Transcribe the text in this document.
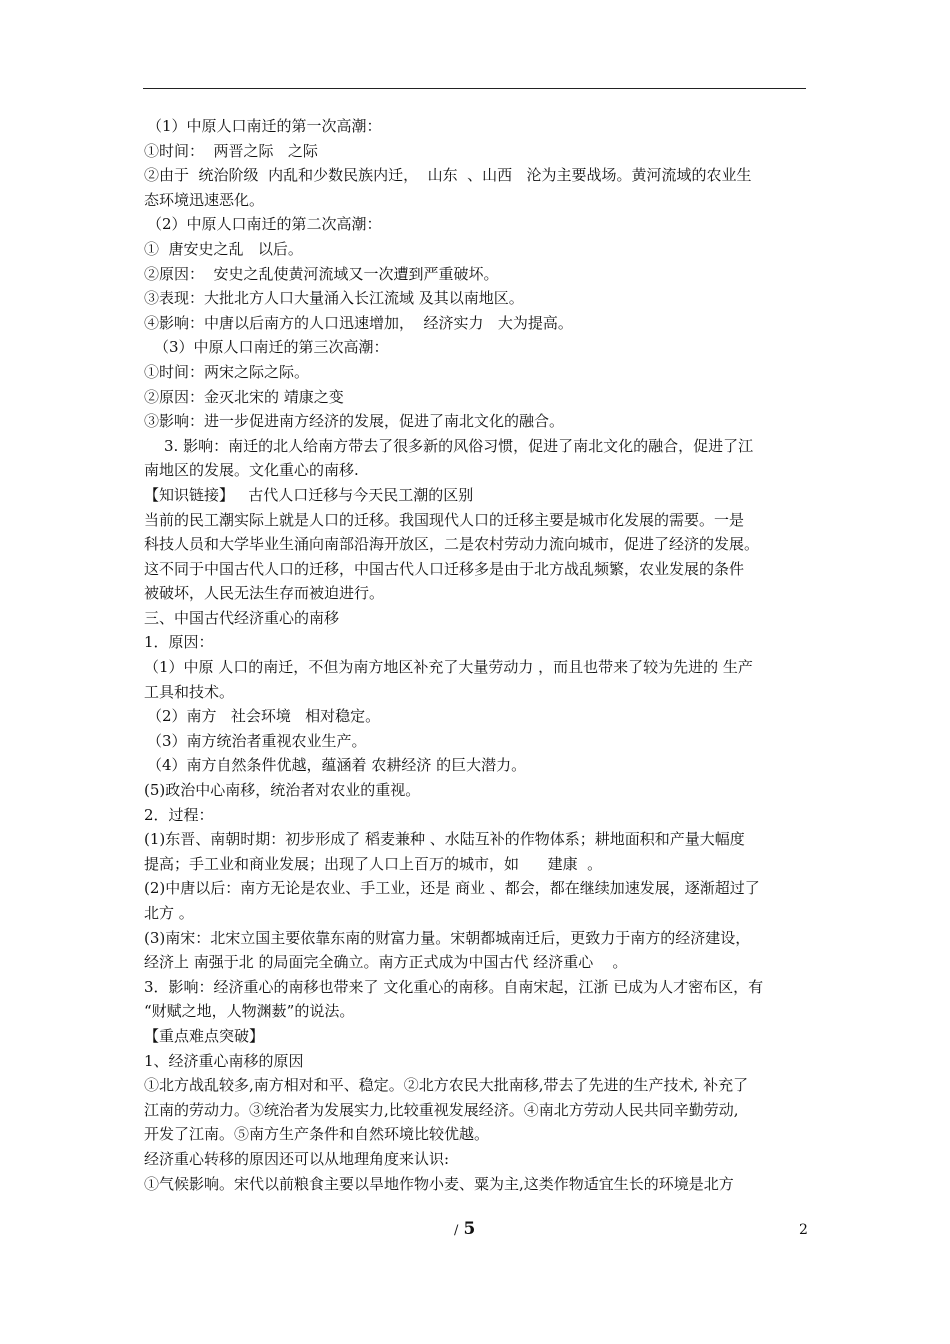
（1）中原人口南迁的第一次高潮：
①时间：  两晋之际   之际
②由于  统治阶级  内乱和少数民族内迁，  山东  、山西   沦为主要战场。黄河流域的农业生
态环境迅速恶化。
（2）中原人口南迁的第二次高潮：
①  唐安史之乱   以后。
②原因：  安史之乱使黄河流域又一次遭到严重破坏。
③表现：大批北方人口大量涌入长江流域 及其以南地区。
④影响：中唐以后南方的人口迅速增加，  经济实力   大为提高。
（3）中原人口南迁的第三次高潮：
①时间：两宋之际之际。
②原因：金灭北宋的 靖康之变
③影响：进一步促进南方经济的发展，促进了南北文化的融合。
3. 影响：南迁的北人给南方带去了很多新的风俗习惯，促进了南北文化的融合，促进了江
南地区的发展。文化重心的南移.
【知识链接】   古代人口迁移与今天民工潮的区别
当前的民工潮实际上就是人口的迁移。我国现代人口的迁移主要是城市化发展的需要。一是
科技人员和大学毕业生涌向南部沿海开放区，二是农村劳动力流向城市，促进了经济的发展。
这不同于中国古代人口的迁移，中国古代人口迁移多是由于北方战乱频繁，农业发展的条件
被破坏，人民无法生存而被迫进行。
三、中国古代经济重心的南移
1．原因：
（1）中原 人口的南迁，不但为南方地区补充了大量劳动力 ，而且也带来了较为先进的 生产
工具和技术。
（2）南方   社会环境   相对稳定。
（3）南方统治者重视农业生产。
（4）南方自然条件优越，蕴涵着 农耕经济 的巨大潜力。
(5)政治中心南移，统治者对农业的重视。
2．过程：
(1)东晋、南朝时期：初步形成了 稻麦兼种 、水陆互补的作物体系；耕地面积和产量大幅度
提高；手工业和商业发展；出现了人口上百万的城市，如      建康  。
(2)中唐以后：南方无论是农业、手工业，还是 商业 、都会，都在继续加速发展，逐渐超过了
北方 。
(3)南宋：北宋立国主要依靠东南的财富力量。宋朝都城南迁后，更致力于南方的经济建设，
经济上 南强于北 的局面完全确立。南方正式成为中国古代 经济重心    。
3．影响：经济重心的南移也带来了 文化重心的南移。自南宋起，江浙 已成为人才密布区，有
“财赋之地，人物渊薮”的说法。
【重点难点突破】
1、经济重心南移的原因
①北方战乱较多,南方相对和平、稳定。②北方农民大批南移,带去了先进的生产技术, 补充了
江南的劳动力。③统治者为发展实力,比较重视发展经济。④南北方劳动人民共同辛勤劳动,
开发了江南。⑤南方生产条件和自然环境比较优越。
经济重心转移的原因还可以从地理角度来认识:
①气候影响。宋代以前粮食主要以旱地作物小麦、粟为主,这类作物适宜生长的环境是北方
/ 5	2
